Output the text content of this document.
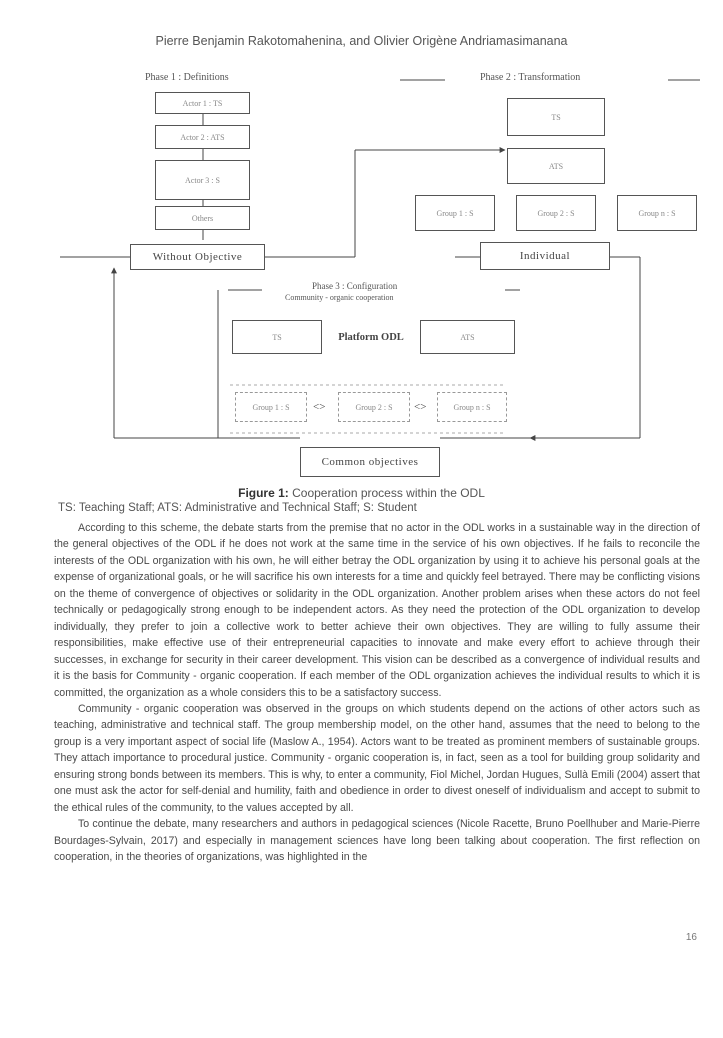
Pierre Benjamin Rakotomahenina, and Olivier Origène Andriamasimanana
Phase 1 : Definitions
Actor 1 : TS
Actor 2 : ATS
Actor 3 : S
Others
Without Objective
Phase 2 : Transformation
TS
ATS
Group 1 : S	Group 2 : S	Group n : S
Individual
Phase 3 : Configuration
Community - organic cooperation
TS	Platform ODL	ATS
Group 1 : S	<>	Group 2 : S	<>	Group n : S
Common objectives
Figure 1: Cooperation process within the ODL
TS: Teaching Staff; ATS: Administrative and Technical Staff; S: Student

According to this scheme, the debate starts from the premise that no actor in the ODL works in a sustainable way in the direction of the general objectives of the ODL if he does not work at the same time in the service of his own objectives. If he fails to reconcile the interests of the ODL organization with his own, he will either betray the ODL organization by using it to achieve his personal goals at the expense of organizational goals, or he will sacrifice his own interests for a time and quickly feel betrayed. There may be conflicting visions on the theme of convergence of objectives or solidarity in the ODL organization. Another problem arises when these actors do not feel technically or pedagogically strong enough to be independent actors. As they need the protection of the ODL organization to develop individually, they prefer to join a collective work to better achieve their own objectives. They are willing to fully assume their responsibilities, make effective use of their entrepreneurial capacities to innovate and make every effort to achieve through their successes, in exchange for security in their career development. This vision can be described as a convergence of individual results and it is the basis for Community - organic cooperation. If each member of the ODL organization achieves the individual results to which it is committed, the organization as a whole considers this to be a satisfactory success.

Community - organic cooperation was observed in the groups on which students depend on the actions of other actors such as teaching, administrative and technical staff. The group membership model, on the other hand, assumes that the need to belong to the group is a very important aspect of social life (Maslow A., 1954). Actors want to be treated as prominent members of sustainable groups. They attach importance to procedural justice. Community - organic cooperation is, in fact, seen as a tool for building group solidarity and ensuring strong bonds between its members. This is why, to enter a community, Fiol Michel, Jordan Hugues, Sullà Emili (2004) assert that one must ask the actor for self-denial and humility, faith and obedience in order to divest oneself of individualism and accept to submit to the ethical rules of the community, to the values accepted by all.

To continue the debate, many researchers and authors in pedagogical sciences (Nicole Racette, Bruno Poellhuber and Marie-Pierre Bourdages-Sylvain, 2017) and especially in management sciences have long been talking about cooperation. The first reflection on cooperation, in the theories of organizations, was highlighted in the

16
